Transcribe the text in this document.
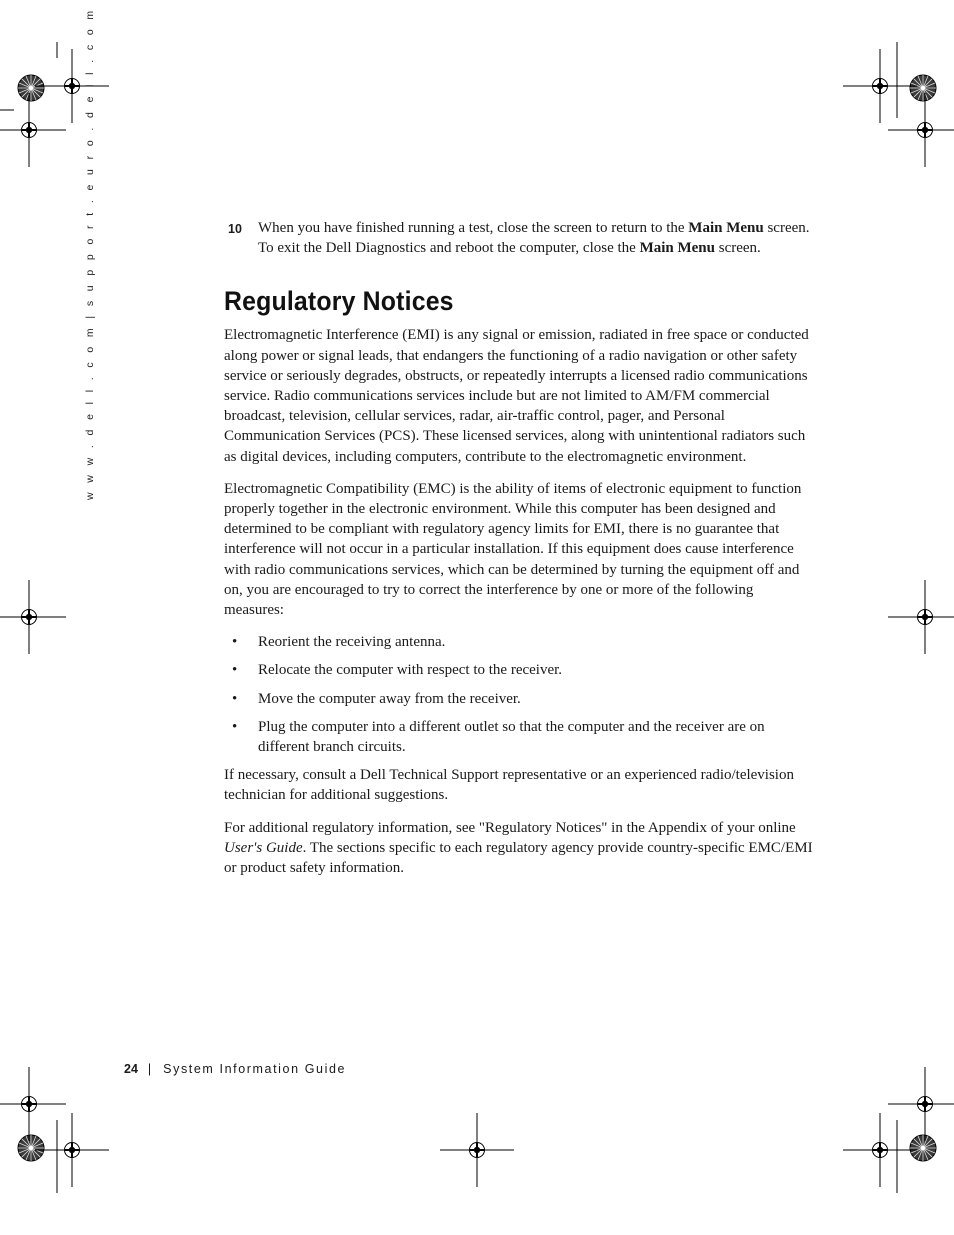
w w w . d e l l . c o m | s u p p o r t . e u r o . d e l l . c o m	10 When you have finished running a test, close the screen to return to the Main Menu screen. To exit the Dell Diagnostics and reboot the computer, close the Main Menu screen.

Regulatory Notices

Electromagnetic Interference (EMI) is any signal or emission, radiated in free space or conducted along power or signal leads, that endangers the functioning of a radio navigation or other safety service or seriously degrades, obstructs, or repeatedly interrupts a licensed radio communications service. Radio communications services include but are not limited to AM/FM commercial broadcast, television, cellular services, radar, air-traffic control, pager, and Personal Communication Services (PCS). These licensed services, along with unintentional radiators such as digital devices, including computers, contribute to the electromagnetic environment.

Electromagnetic Compatibility (EMC) is the ability of items of electronic equipment to function properly together in the electronic environment. While this computer has been designed and determined to be compliant with regulatory agency limits for EMI, there is no guarantee that interference will not occur in a particular installation. If this equipment does cause interference with radio communications services, which can be determined by turning the equipment off and on, you are encouraged to try to correct the interference by one or more of the following measures:

• Reorient the receiving antenna.
• Relocate the computer with respect to the receiver.
• Move the computer away from the receiver.
• Plug the computer into a different outlet so that the computer and the receiver are on different branch circuits.

If necessary, consult a Dell Technical Support representative or an experienced radio/television technician for additional suggestions.

For additional regulatory information, see "Regulatory Notices" in the Appendix of your online User's Guide. The sections specific to each regulatory agency provide country-specific EMC/EMI or product safety information.

24 | System Information Guide
